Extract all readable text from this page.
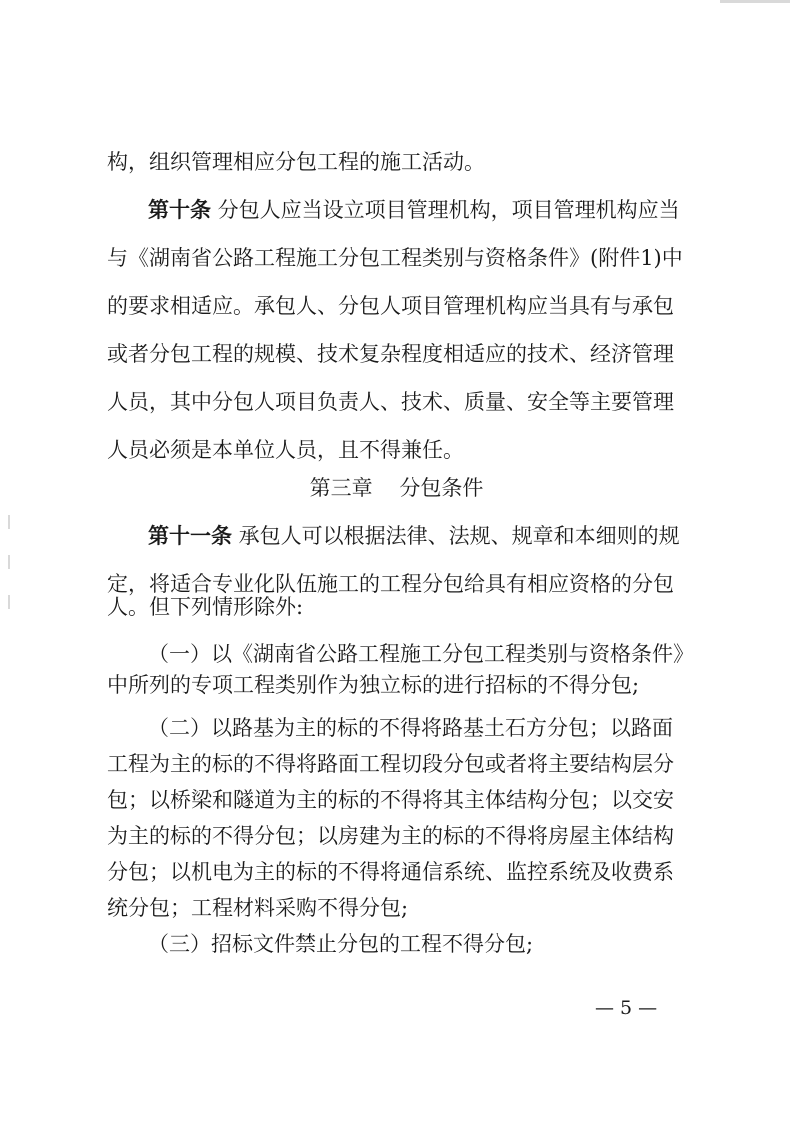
构，组织管理相应分包工程的施工活动。
第十条 分包人应当设立项目管理机构，项目管理机构应当
与《湖南省公路工程施工分包工程类别与资格条件》(附件1)中
的要求相适应。承包人、分包人项目管理机构应当具有与承包
或者分包工程的规模、技术复杂程度相适应的技术、经济管理
人员，其中分包人项目负责人、技术、质量、安全等主要管理
人员必须是本单位人员，且不得兼任。
第三章    分包条件
第十一条 承包人可以根据法律、法规、规章和本细则的规
定，将适合专业化队伍施工的工程分包给具有相应资格的分包
人。但下列情形除外:
（一）以《湖南省公路工程施工分包工程类别与资格条件》
中所列的专项工程类别作为独立标的进行招标的不得分包;
（二）以路基为主的标的不得将路基土石方分包；以路面
工程为主的标的不得将路面工程切段分包或者将主要结构层分
包；以桥梁和隧道为主的标的不得将其主体结构分包；以交安
为主的标的不得分包；以房建为主的标的不得将房屋主体结构
分包；以机电为主的标的不得将通信系统、监控系统及收费系
统分包；工程材料采购不得分包;
（三）招标文件禁止分包的工程不得分包;
— 5 —
